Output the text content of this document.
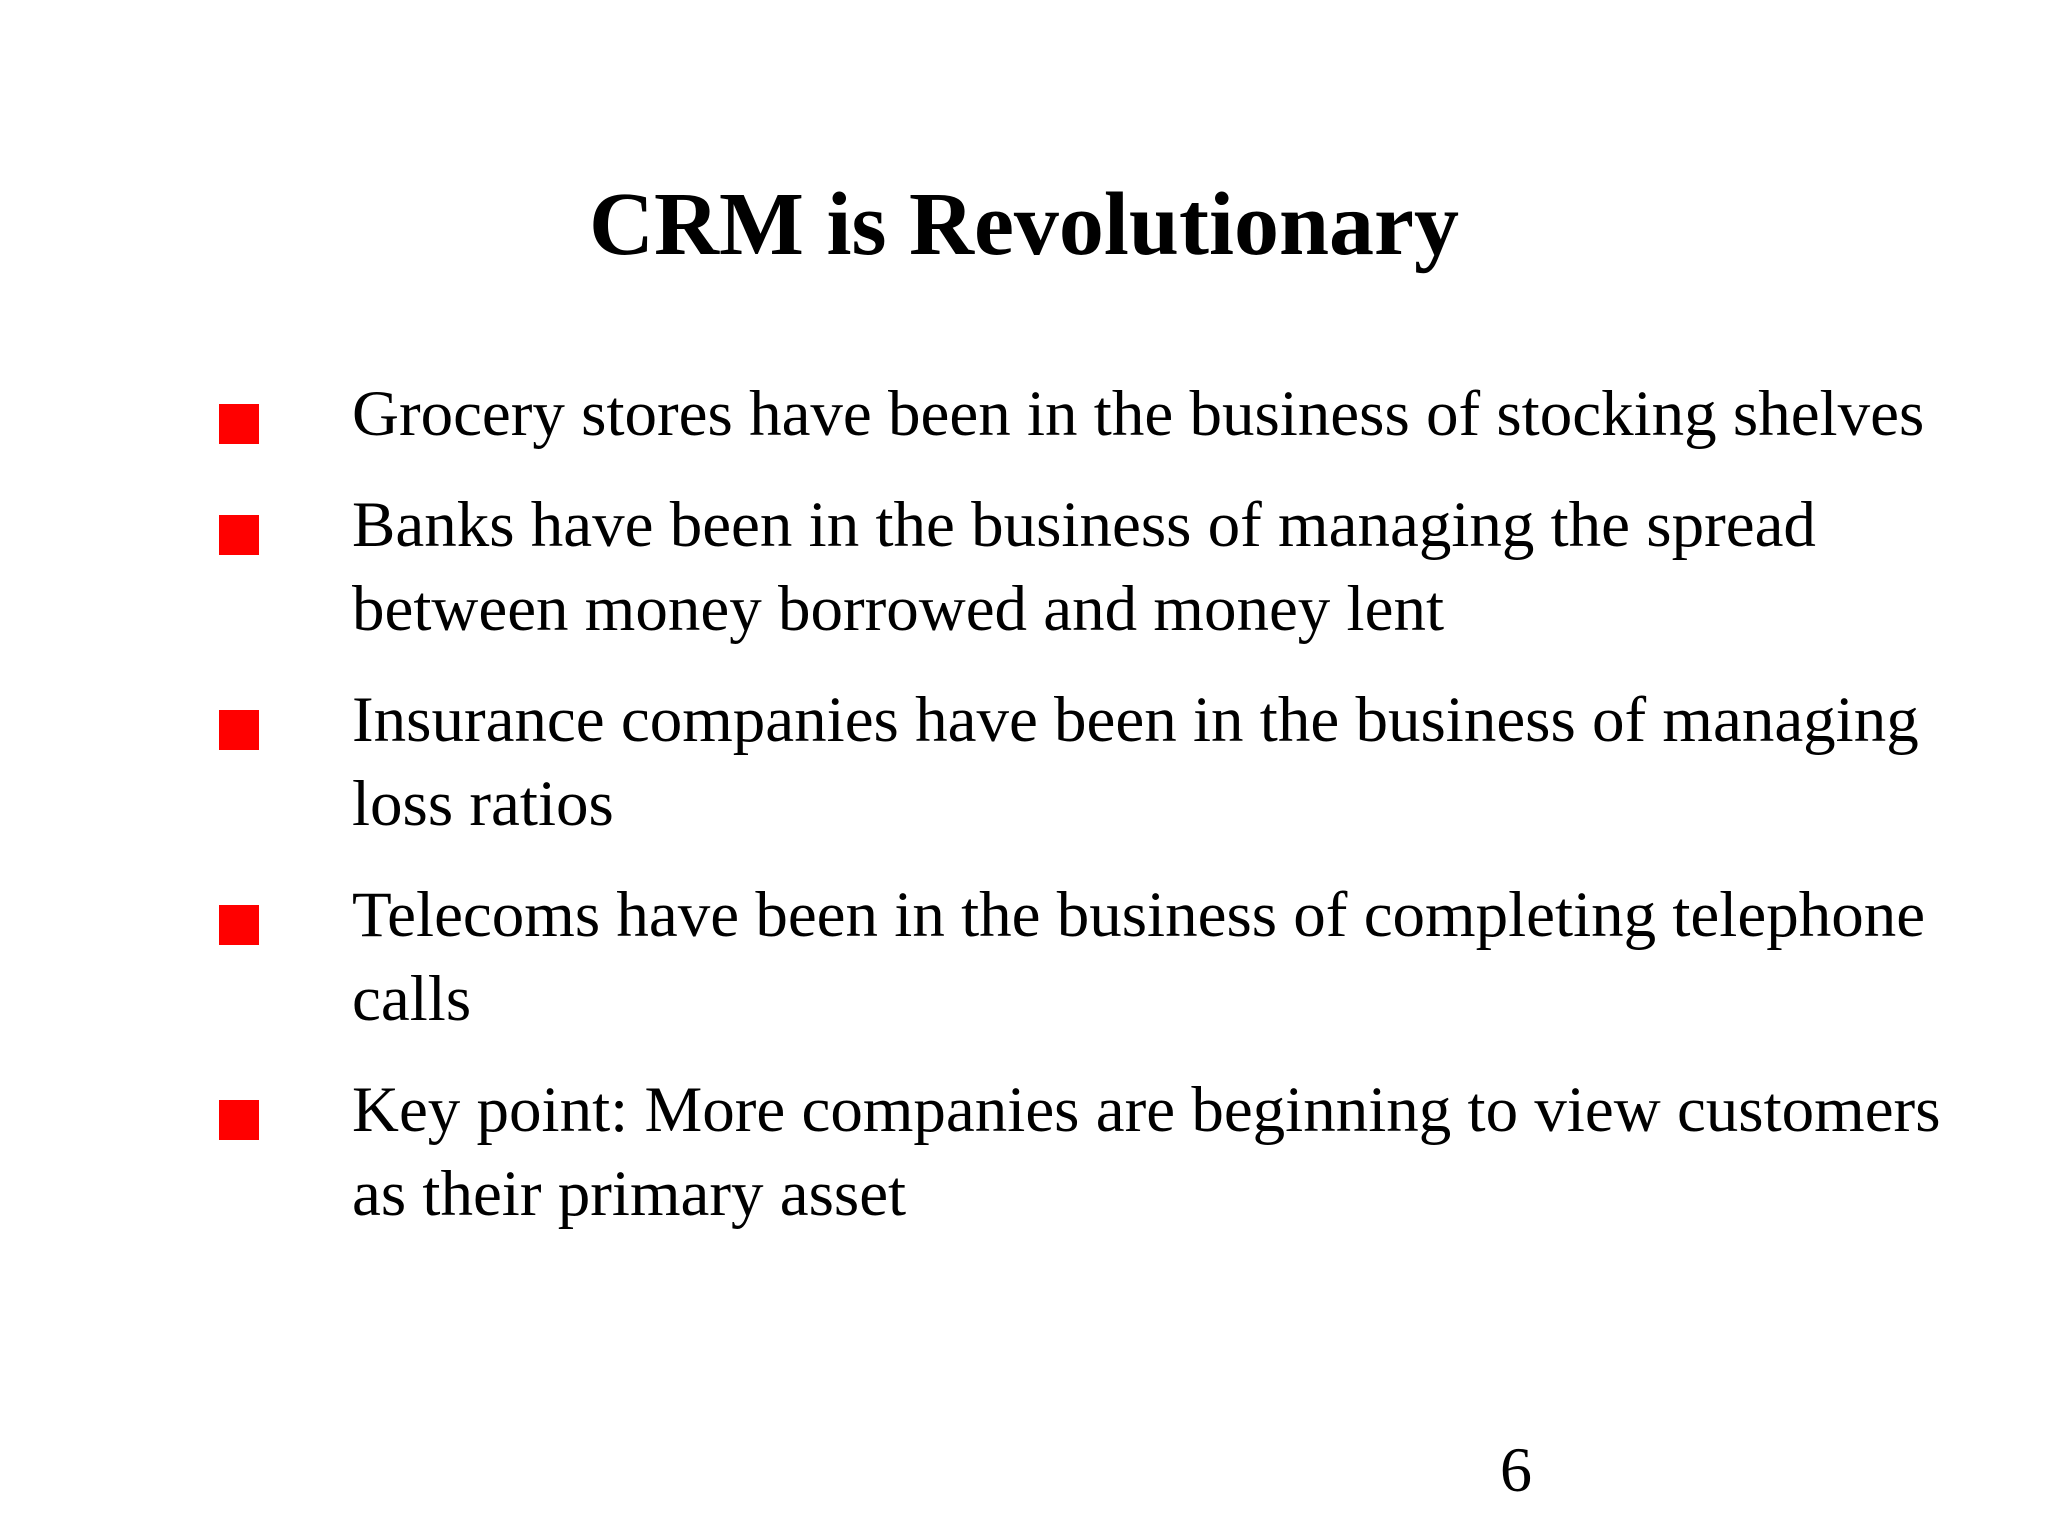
CRM is Revolutionary
Grocery stores have been in the business of stocking shelves
Banks have been in the business of managing the spread between money borrowed and money lent
Insurance companies have been in the business of managing loss ratios
Telecoms have been in the business of completing telephone calls
Key point: More companies are beginning to view customers as their primary asset
6
